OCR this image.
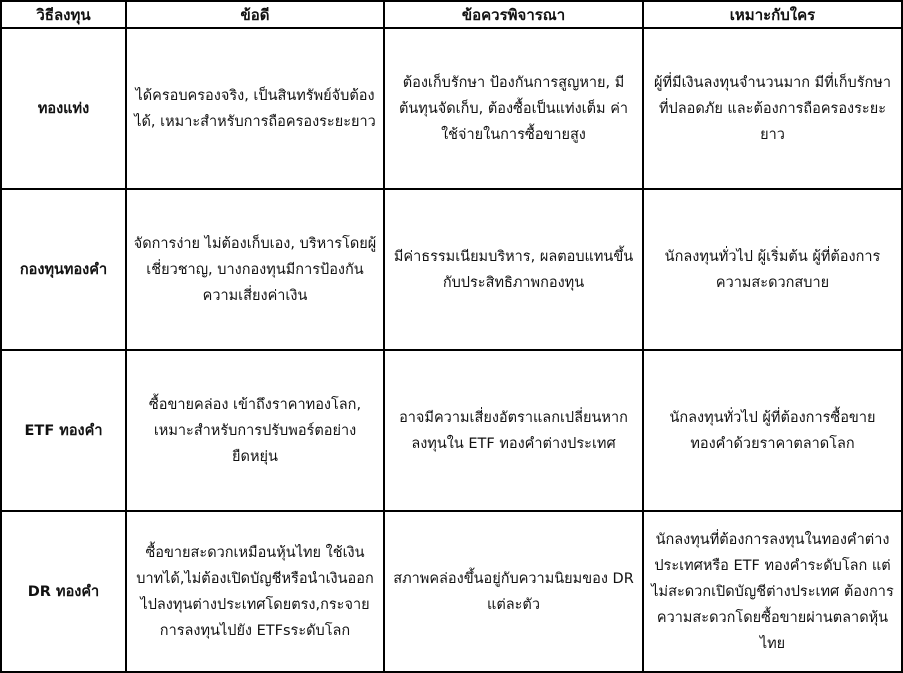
วิธีลงทุน	ข้อดี	ข้อควรพิจารณา	เหมาะกับใคร
ทองแท่ง	ได้ครอบครองจริง, เป็นสินทรัพย์จับต้องได้, เหมาะสำหรับการถือครองระยะยาว	ต้องเก็บรักษา ป้องกันการสูญหาย, มีต้นทุนจัดเก็บ, ต้องซื้อเป็นแท่งเต็ม ค่าใช้จ่ายในการซื้อขายสูง	ผู้ที่มีเงินลงทุนจำนวนมาก มีที่เก็บรักษาที่ปลอดภัย และต้องการถือครองระยะยาว
กองทุนทองคำ	จัดการง่าย ไม่ต้องเก็บเอง, บริหารโดยผู้เชี่ยวชาญ, บางกองทุนมีการป้องกันความเสี่ยงค่าเงิน	มีค่าธรรมเนียมบริหาร, ผลตอบแทนขึ้นกับประสิทธิภาพกองทุน	นักลงทุนทั่วไป ผู้เริ่มต้น ผู้ที่ต้องการความสะดวกสบาย
ETF ทองคำ	ซื้อขายคล่อง เข้าถึงราคาทองโลก, เหมาะสำหรับการปรับพอร์ตอย่างยืดหยุ่น	อาจมีความเสี่ยงอัตราแลกเปลี่ยนหากลงทุนใน ETF ทองคำต่างประเทศ	นักลงทุนทั่วไป ผู้ที่ต้องการซื้อขายทองคำด้วยราคาตลาดโลก
DR ทองคำ	ซื้อขายสะดวกเหมือนหุ้นไทย ใช้เงินบาทได้,ไม่ต้องเปิดบัญชีหรือนำเงินออกไปลงทุนต่างประเทศโดยตรง,กระจายการลงทุนไปยัง ETFsระดับโลก	สภาพคล่องขึ้นอยู่กับความนิยมของ DR แต่ละตัว	นักลงทุนที่ต้องการลงทุนในทองคำต่างประเทศหรือ ETF ทองคำระดับโลก แต่ไม่สะดวกเปิดบัญชีต่างประเทศ ต้องการความสะดวกโดยซื้อขายผ่านตลาดหุ้นไทย
